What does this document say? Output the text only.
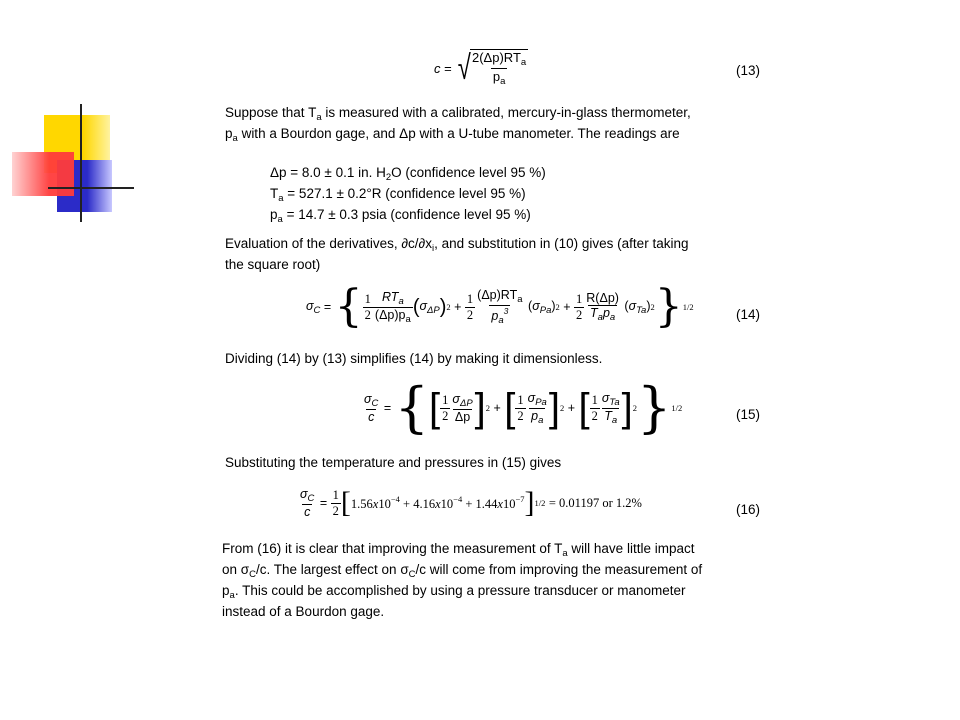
c = √
$\frac{2(\Delta p)RT_a}{p_a}$	(13)
Suppose that $T_a$ is measured with a calibrated, mercury-in-glass thermometer,
$p_a$ with a Bourdon gage, and Δp with a U-tube manometer. The readings are
Δp = 8.0 ± 0.1 in. $H_2O$ (confidence level 95 %)
$T_a = 527.1 \pm 0.2^\circ R$ (confidence level 95 %)
$p_a = 14.7 \pm 0.3$ psia (confidence level 95 %)
Evaluation of the derivatives, $\partial c/\partial x_i$, and substitution in (10) gives (after taking
the square root)
$\sigma_C$ = { $\frac{1}{2} \frac{RT_a}{(\Delta p)p_a}$ ( $\sigma_{\Delta P}$ ) $2 + \frac{1}{2} \frac{(\Delta p)RT_a}{p_a^3} (\sigma_{Pa}) 2 + \frac{1}{2} \frac{R(\Delta p)}{T_ap_a} (\sigma_{Ta})$ 2 } 1/2	(14)
Dividing (14) by (13) simplifies (14) by making it dimensionless.
$\frac{\sigma_C}{c}$ = { [ $\frac{1}{2} \frac{\sigma_{\Delta P}}{\Delta p}$ ] 2 + [ $\frac{1}{2} \frac{\sigma_{Pa}}{p_a}$ ] 2 + [ $\frac{1}{2} \frac{\sigma_{Ta}}{T_a}$ ] 2 } 1/2	(15)
Substituting the temperature and pressures in (15) gives
$\frac{\sigma_C}{c} = \frac{1}{2}$ [ $1.56x10^{-4} + 4.16x10^{-4} + 1.44x10^{-7}$ ] 1/2
= 0.01197 or 1.2%	(16)
From (16) it is clear that improving the measurement of $T_a$ will have little impact
on $\sigma_C/c$. The largest effect on $\sigma_C/c$ will come from improving the measurement of
$p_a$. This could be accomplished by using a pressure transducer or manometer
instead of a Bourdon gage.
